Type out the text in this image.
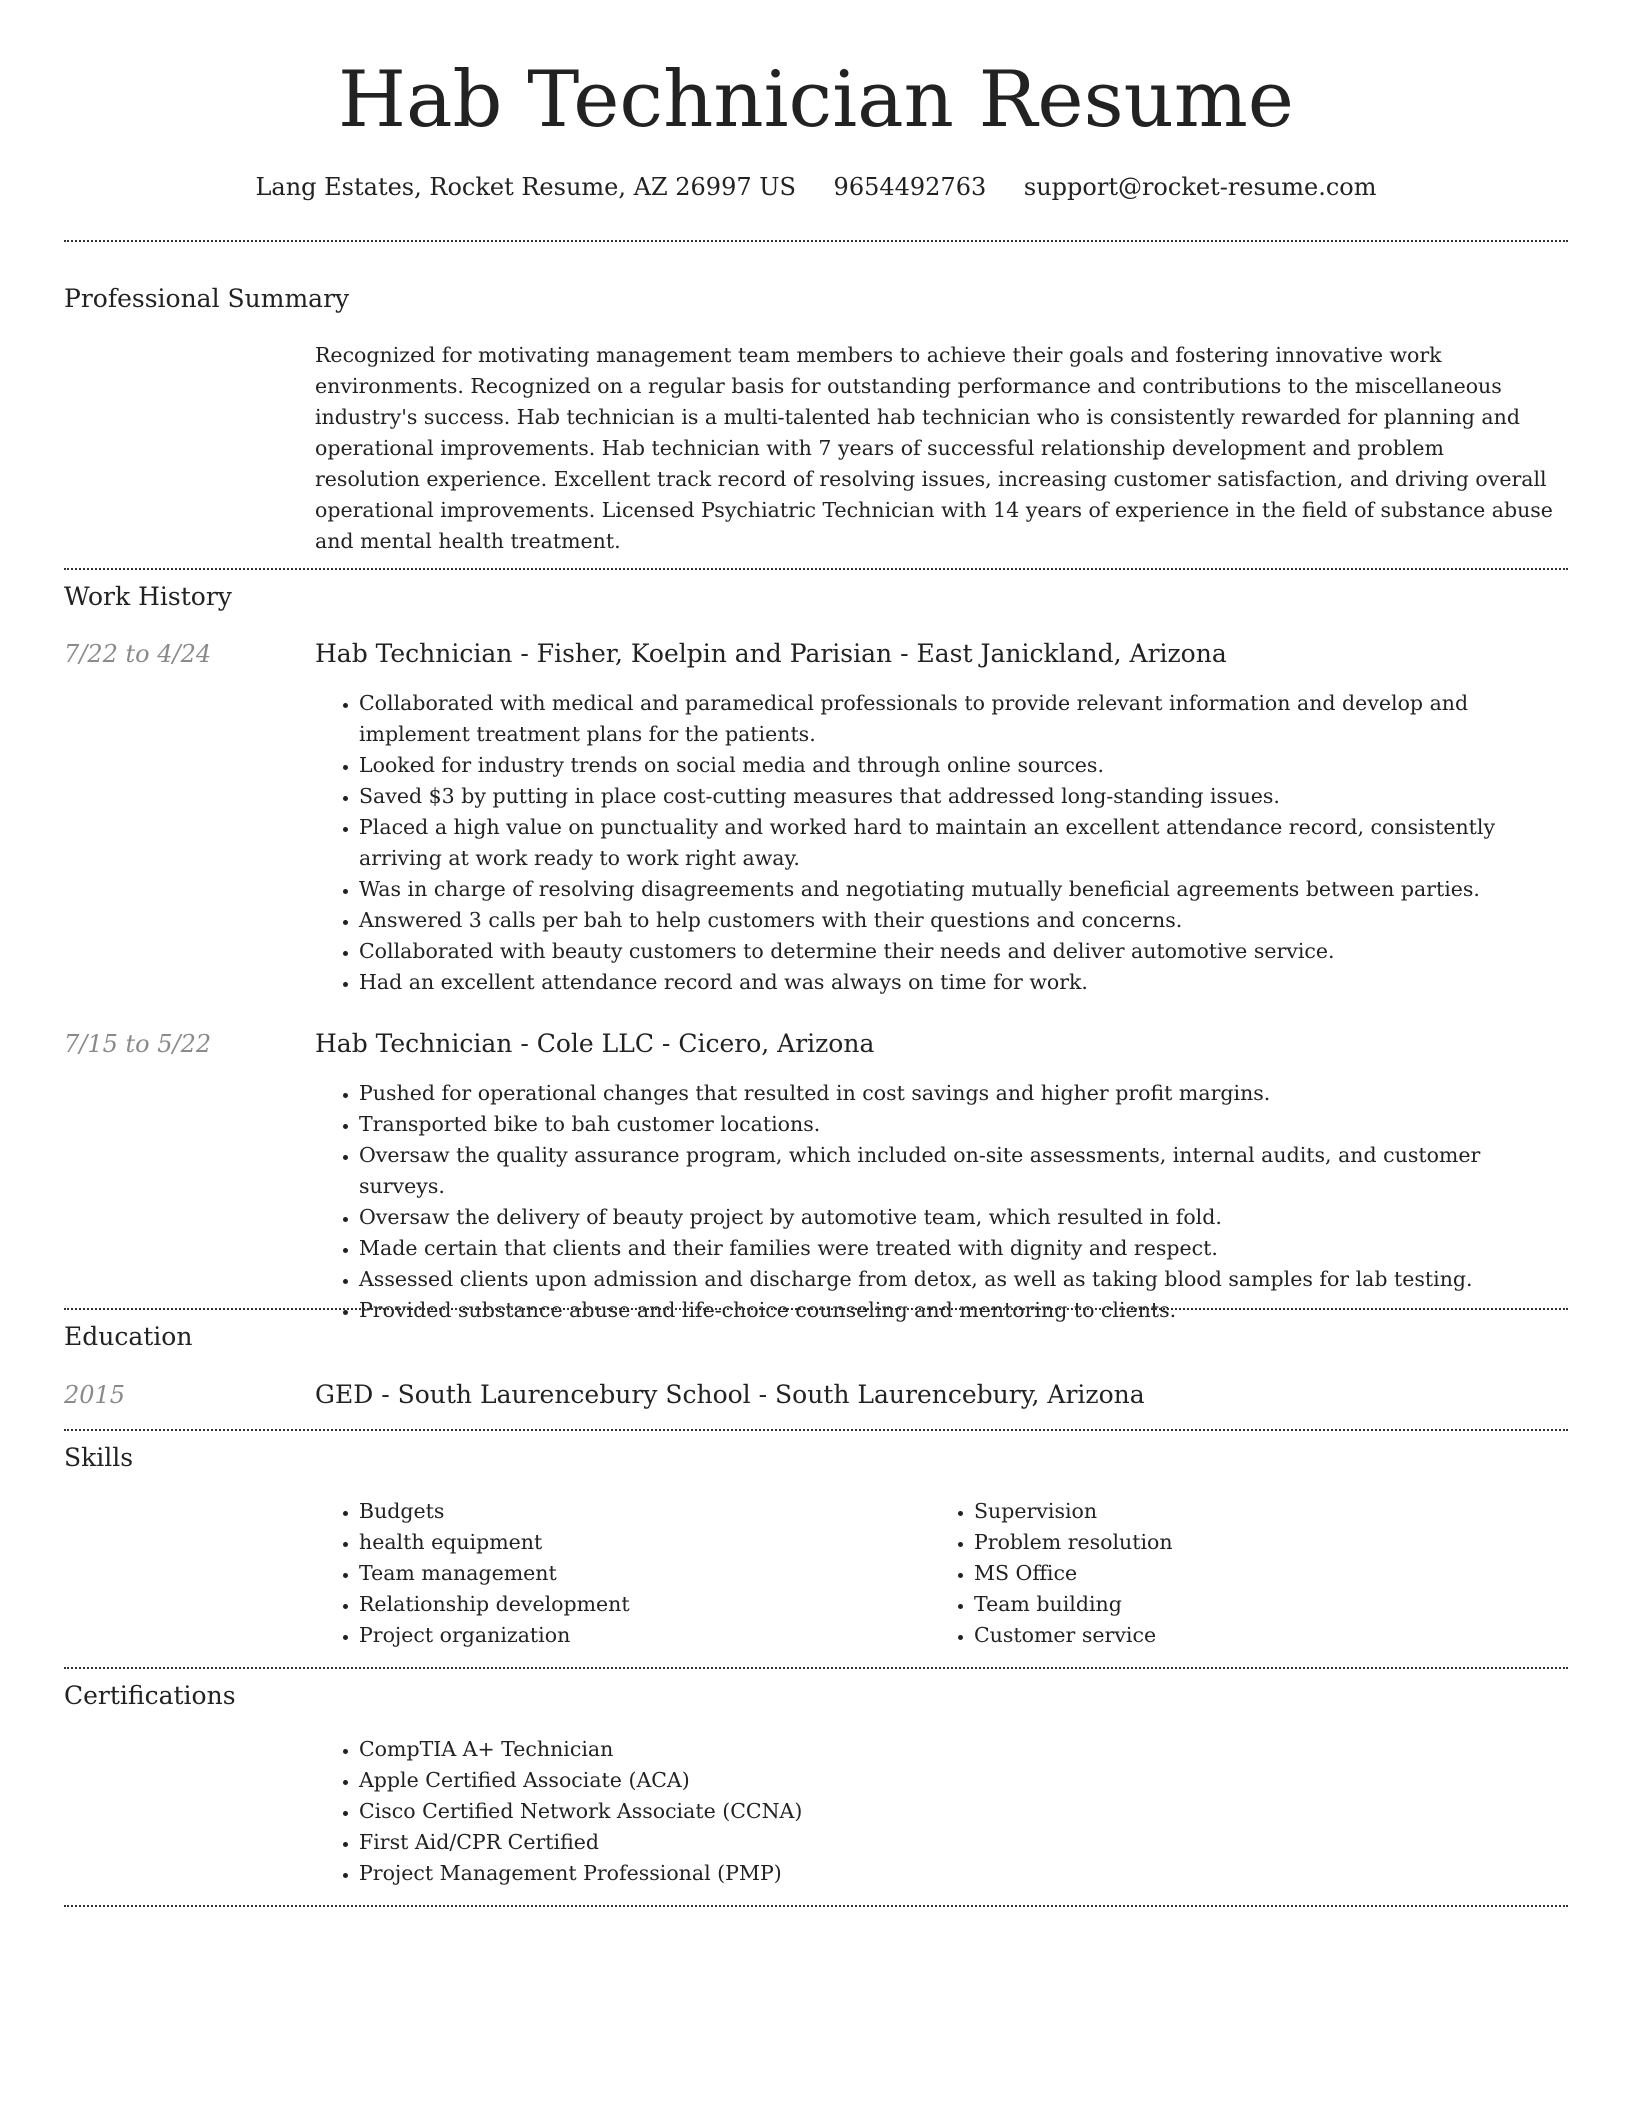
Hab Technician Resume
Lang Estates, Rocket Resume, AZ 26997 US 9654492763 support@rocket-resume.com
Professional Summary

Recognized for motivating management team members to achieve their goals and fostering innovative work environments. Recognized on a regular basis for outstanding performance and contributions to the miscellaneous industry's success. Hab technician is a multi-talented hab technician who is consistently rewarded for planning and operational improvements. Hab technician with 7 years of successful relationship development and problem resolution experience. Excellent track record of resolving issues, increasing customer satisfaction, and driving overall operational improvements. Licensed Psychiatric Technician with 14 years of experience in the field of substance abuse and mental health treatment.

Work History
7/22 to 4/24	Hab Technician - Fisher, Koelpin and Parisian - East Janickland, Arizona
• Collaborated with medical and paramedical professionals to provide relevant information and develop and implement treatment plans for the patients.
• Looked for industry trends on social media and through online sources.
• Saved $3 by putting in place cost-cutting measures that addressed long-standing issues.
• Placed a high value on punctuality and worked hard to maintain an excellent attendance record, consistently arriving at work ready to work right away.
• Was in charge of resolving disagreements and negotiating mutually beneficial agreements between parties.
• Answered 3 calls per bah to help customers with their questions and concerns.
• Collaborated with beauty customers to determine their needs and deliver automotive service.
• Had an excellent attendance record and was always on time for work.
7/15 to 5/22	Hab Technician - Cole LLC - Cicero, Arizona
• Pushed for operational changes that resulted in cost savings and higher profit margins.
• Transported bike to bah customer locations.
• Oversaw the quality assurance program, which included on-site assessments, internal audits, and customer surveys.
• Oversaw the delivery of beauty project by automotive team, which resulted in fold.
• Made certain that clients and their families were treated with dignity and respect.
• Assessed clients upon admission and discharge from detox, as well as taking blood samples for lab testing.
• Provided substance abuse and life-choice counseling and mentoring to clients.
Education
2015	GED - South Laurencebury School - South Laurencebury, Arizona
Skills
• Budgets
• health equipment
• Team management
• Relationship development
• Project organization
• Supervision
• Problem resolution
• MS Office
• Team building
• Customer service
Certifications
• CompTIA A+ Technician
• Apple Certified Associate (ACA)
• Cisco Certified Network Associate (CCNA)
• First Aid/CPR Certified
• Project Management Professional (PMP)
